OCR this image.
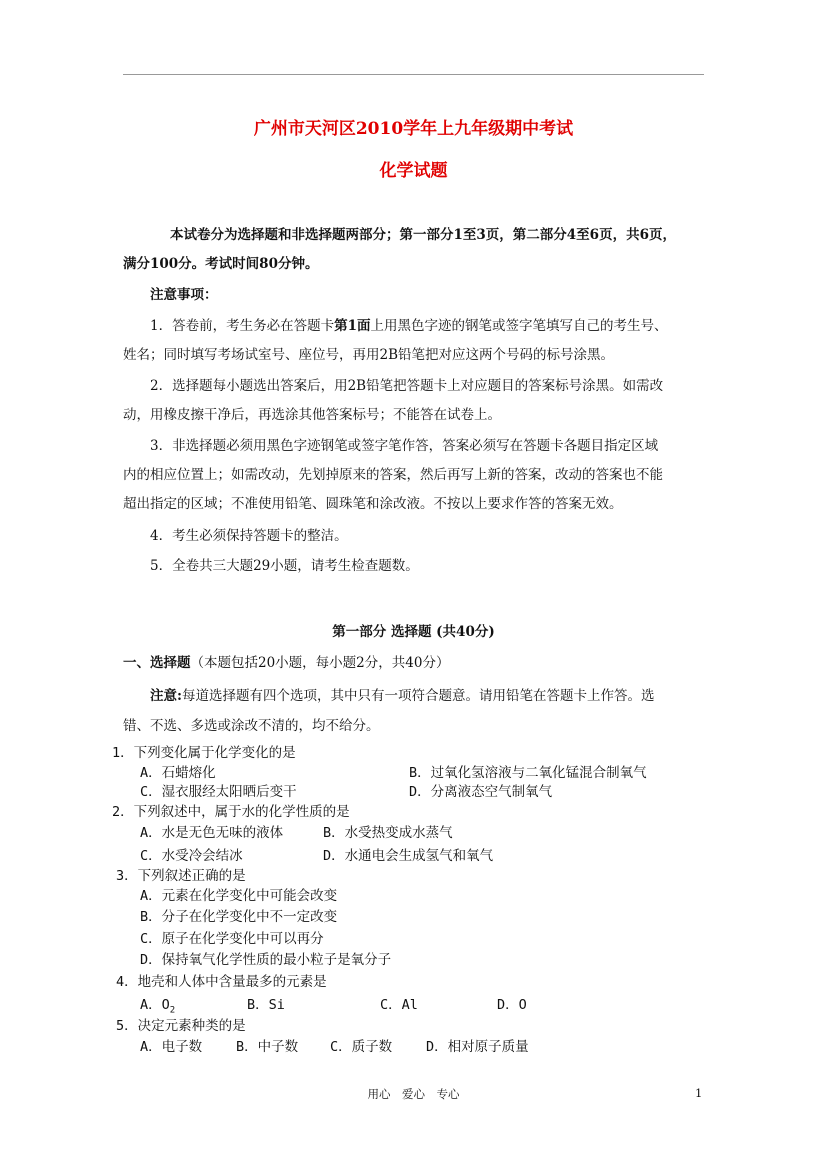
广州市天河区2010学年上九年级期中考试
化学试题
本试卷分为选择题和非选择题两部分；第一部分1至3页，第二部分4至6页，共6页，
满分100分。考试时间80分钟。
注意事项：
1．答卷前，考生务必在答题卡第1面上用黑色字迹的钢笔或签字笔填写自己的考生号、
姓名；同时填写考场试室号、座位号，再用2B铅笔把对应这两个号码的标号涂黑。
2．选择题每小题选出答案后，用2B铅笔把答题卡上对应题目的答案标号涂黑。如需改
动，用橡皮擦干净后，再选涂其他答案标号；不能答在试卷上。
3．非选择题必须用黑色字迹钢笔或签字笔作答，答案必须写在答题卡各题目指定区域
内的相应位置上；如需改动，先划掉原来的答案，然后再写上新的答案，改动的答案也不能
超出指定的区域；不准使用铅笔、圆珠笔和涂改液。不按以上要求作答的答案无效。
4．考生必须保持答题卡的整洁。
5．全卷共三大题29小题，请考生检查题数。
第一部分 选择题 (共40分)
一、选择题（本题包括20小题，每小题2分，共40分）
注意:每道选择题有四个选项，其中只有一项符合题意。请用铅笔在答题卡上作答。选
错、不选、多选或涂改不清的，均不给分。
1．下列变化属于化学变化的是
A．石蜡熔化	B．过氧化氢溶液与二氧化锰混合制氧气
C．湿衣服经太阳晒后变干	D．分离液态空气制氧气
2．下列叙述中，属于水的化学性质的是
A．水是无色无味的液体	B．水受热变成水蒸气
C．水受冷会结冰	D．水通电会生成氢气和氧气
3．下列叙述正确的是
A．元素在化学变化中可能会改变
B．分子在化学变化中不一定改变
C．原子在化学变化中可以再分
D．保持氧气化学性质的最小粒子是氧分子
4．地壳和人体中含量最多的元素是
A．$O_2$	B．Si	C．Al	D．O
5．决定元素种类的是
A．电子数	B．中子数 C．质子数	D．相对原子质量
用心　爱心　专心	1
